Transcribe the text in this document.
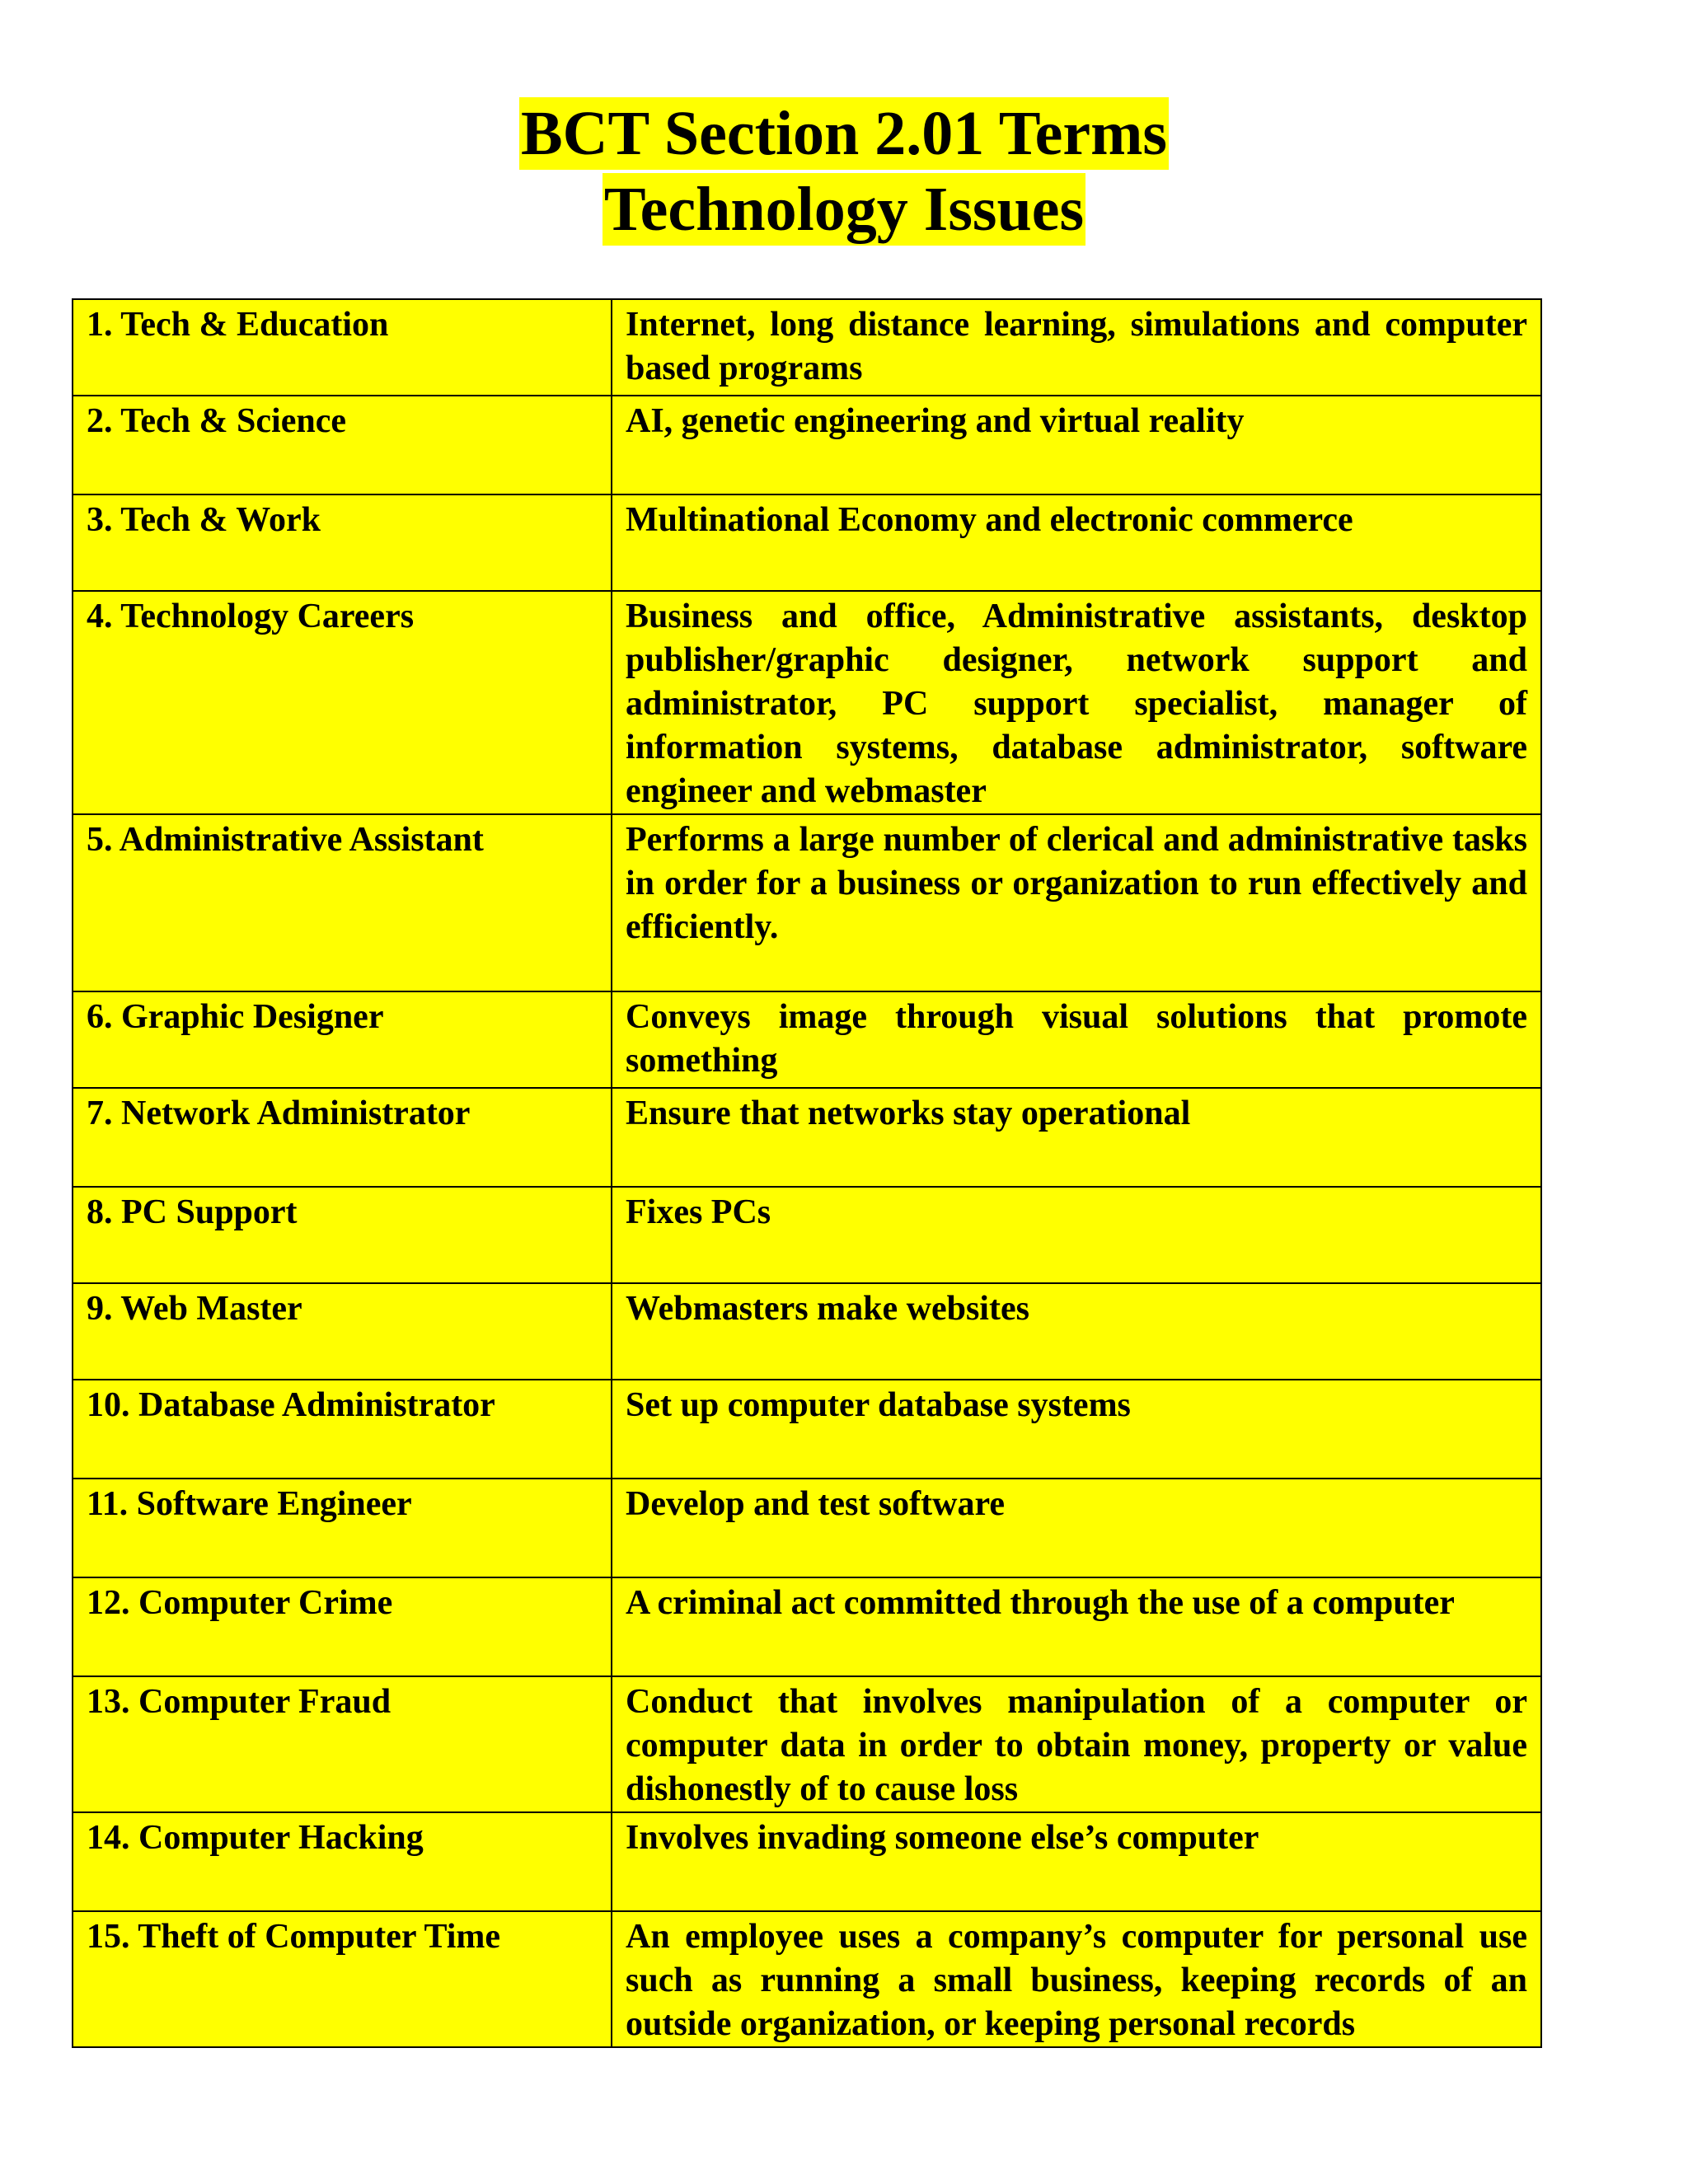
BCT Section 2.01 Terms
Technology Issues
1. Tech & Education	Internet, long distance learning, simulations and computer based programs
2. Tech & Science	AI, genetic engineering and virtual reality
3. Tech & Work	Multinational Economy and electronic commerce
4. Technology Careers	Business and office, Administrative assistants, desktop publisher/graphic designer, network support and administrator, PC support specialist, manager of information systems, database administrator, software engineer and webmaster
5. Administrative Assistant	Performs a large number of clerical and administrative tasks in order for a business or organization to run effectively and efficiently.
6. Graphic Designer	Conveys image through visual solutions that promote something
7. Network Administrator	Ensure that networks stay operational
8. PC Support	Fixes PCs
9. Web Master	Webmasters make websites
10. Database Administrator	Set up computer database systems
11. Software Engineer	Develop and test software
12. Computer Crime	A criminal act committed through the use of a computer
13. Computer Fraud	Conduct that involves manipulation of a computer or computer data in order to obtain money, property or value dishonestly of to cause loss
14. Computer Hacking	Involves invading someone else’s computer
15. Theft of Computer Time	An employee uses a company’s computer for personal use such as running a small business, keeping records of an outside organization, or keeping personal records
